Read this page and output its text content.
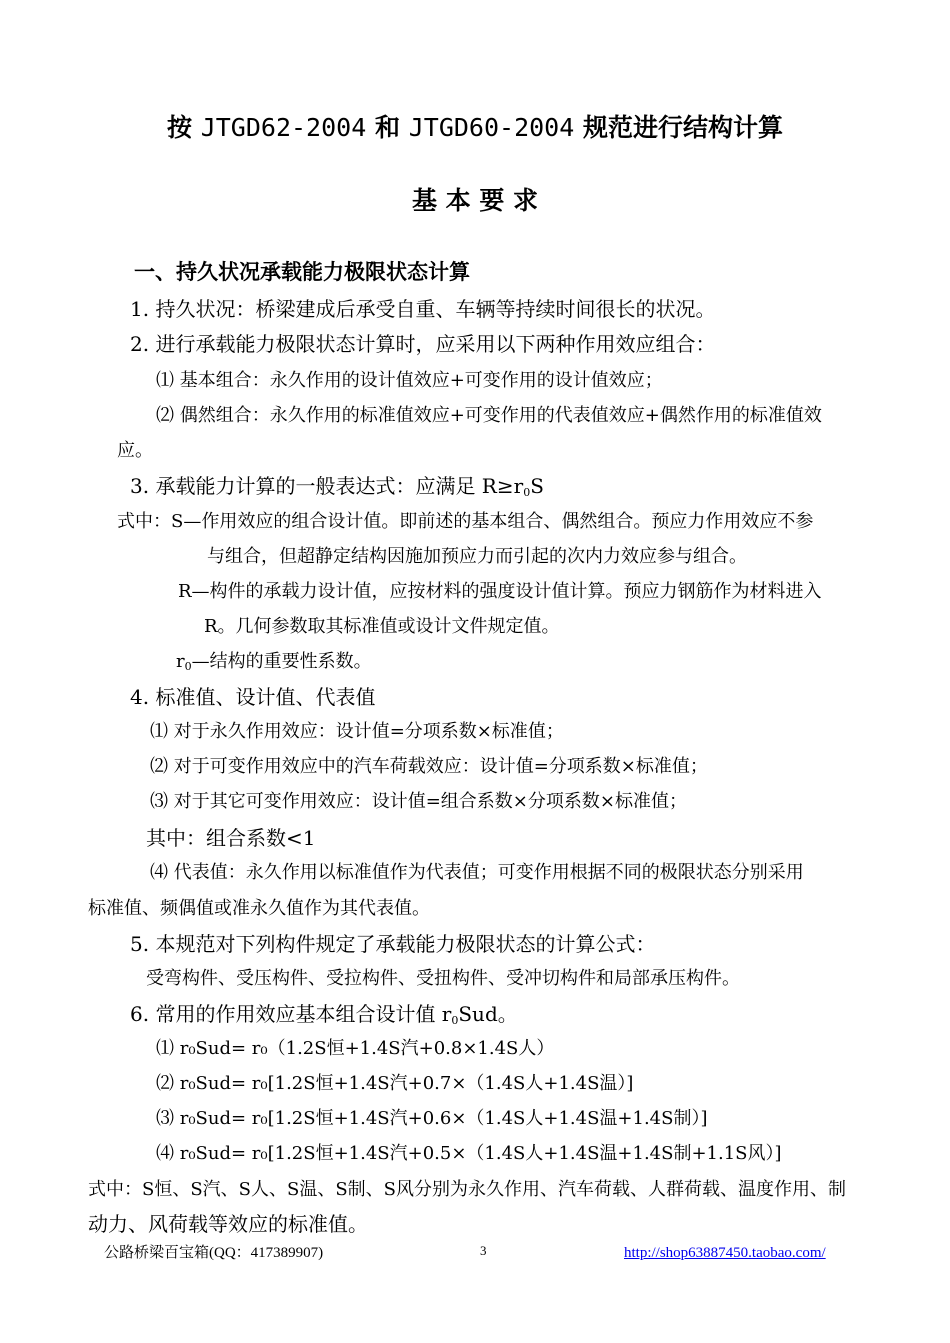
按 JTGD62-2004 和 JTGD60-2004 规范进行结构计算
基 本 要 求
一、持久状况承载能力极限状态计算
1. 持久状况：桥梁建成后承受自重、车辆等持续时间很长的状况。
2. 进行承载能力极限状态计算时，应采用以下两种作用效应组合：
⑴ 基本组合：永久作用的设计值效应+可变作用的设计值效应；
⑵ 偶然组合：永久作用的标准值效应+可变作用的代表值效应+偶然作用的标准值效
应。
3. 承载能力计算的一般表达式：应满足 $R\ge r_0S$
式中：S—作用效应的组合设计值。即前述的基本组合、偶然组合。预应力作用效应不参
与组合，但超静定结构因施加预应力而引起的次内力效应参与组合。
R—构件的承载力设计值，应按材料的强度设计值计算。预应力钢筋作为材料进入
R。几何参数取其标准值或设计文件规定值。
$r_0—$结构的重要性系数。
4. 标准值、设计值、代表值
⑴ 对于永久作用效应：设计值=分项系数×标准值；
⑵ 对于可变作用效应中的汽车荷载效应：设计值=分项系数×标准值；
⑶ 对于其它可变作用效应：设计值=组合系数×分项系数×标准值；
其中：组合系数<1
⑷ 代表值：永久作用以标准值作为代表值；可变作用根据不同的极限状态分别采用
标准值、频偶值或准永久值作为其代表值。
5. 本规范对下列构件规定了承载能力极限状态的计算公式：
受弯构件、受压构件、受拉构件、受扭构件、受冲切构件和局部承压构件。
6. 常用的作用效应基本组合设计值 $r_0Sud$。
⑴ r₀Sud= r₀（1.2S恒+1.4S汽+0.8×1.4S人）
⑵ r₀Sud= r₀[1.2S恒+1.4S汽+0.7×（1.4S人+1.4S温）]
⑶ r₀Sud= r₀[1.2S恒+1.4S汽+0.6×（1.4S人+1.4S温+1.4S制）]
⑷ r₀Sud= r₀[1.2S恒+1.4S汽+0.5×（1.4S人+1.4S温+1.4S制+1.1S风）]
式中：S恒、S汽、S人、S温、S制、S风分别为永久作用、汽车荷载、人群荷载、温度作用、制
动力、风荷载等效应的标准值。
公路桥梁百宝箱(QQ：417389907)	3	http://shop63887450.taobao.com/
